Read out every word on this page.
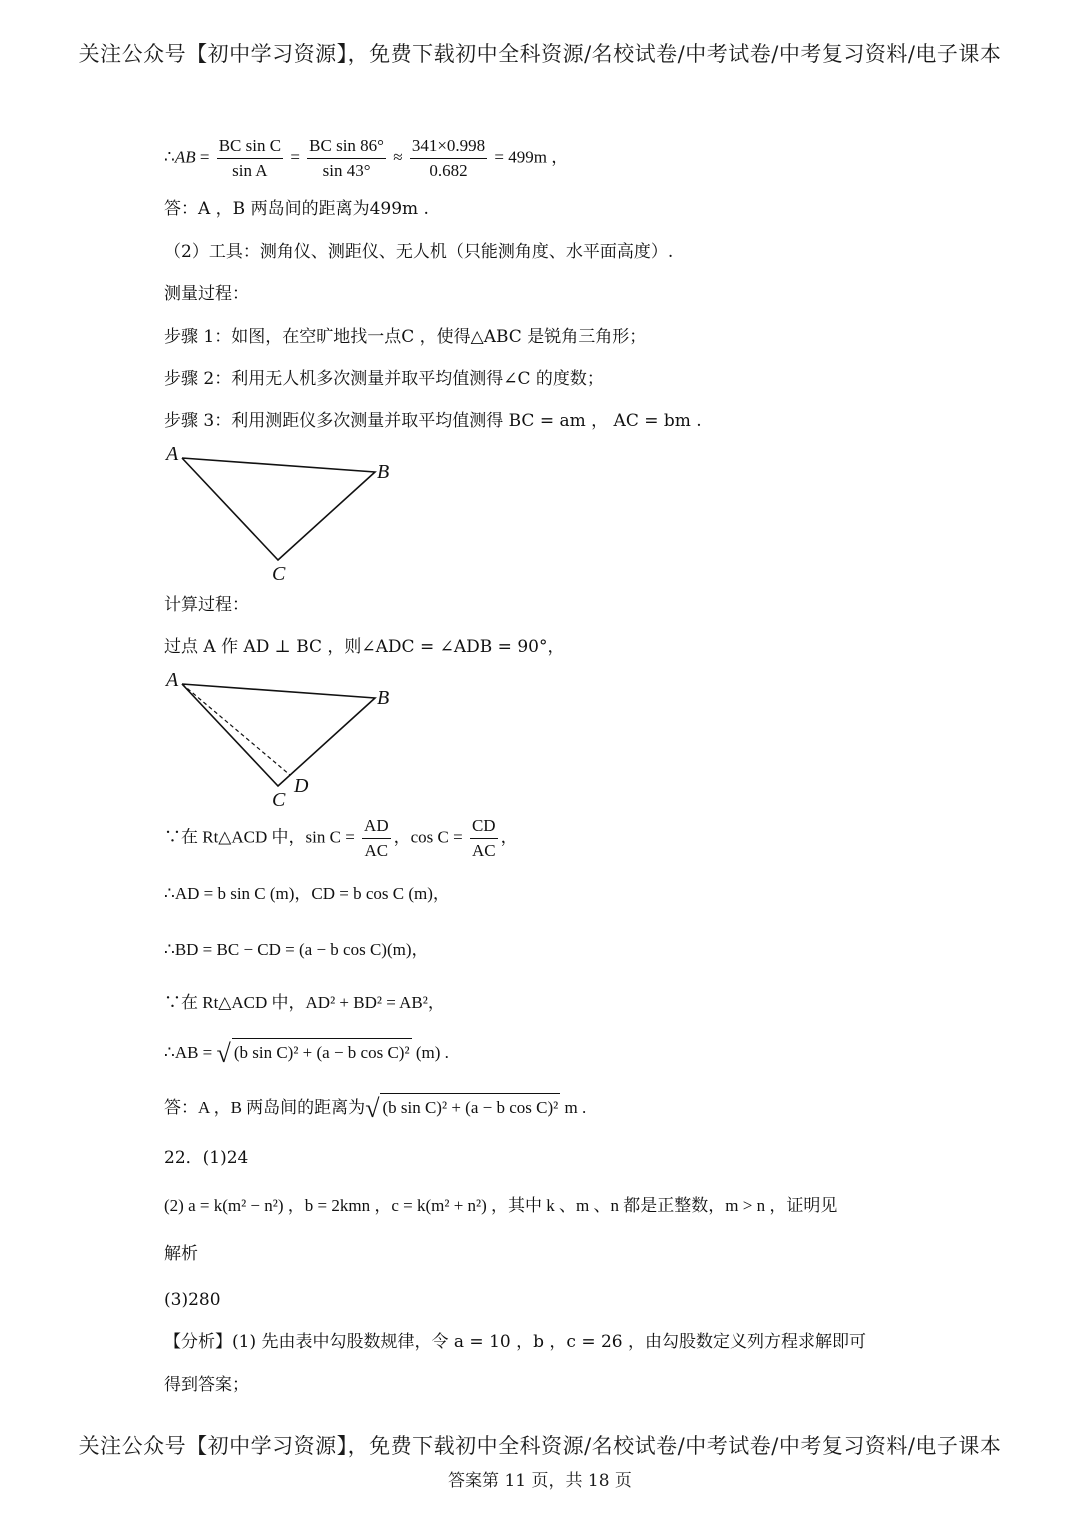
关注公众号【初中学习资源】，免费下载初中全科资源/名校试卷/中考试卷/中考复习资料/电子课本
∴AB = $\frac{\text{BC sin C}}{\text{sin A}} = \frac{\text{BC sin 86°}}{\sin 43^\circ} \approx \frac{341\times 0.998}{0.682} = 499m$ ，
答：A ，B 两岛间的距离为499m .
（2）工具：测角仪、测距仪、无人机（只能测角度、水平面高度）.
测量过程：
步骤 1：如图，在空旷地找一点C ，使得△ABC 是锐角三角形；
步骤 2：利用无人机多次测量并取平均值测得∠C 的度数；
步骤 3：利用测距仪多次测量并取平均值测得 BC = am ， AC = bm .
A
B
C
计算过程：
过点 A 作 AD ⊥ BC ，则∠ADC = ∠ADB = 90°，
A
B
C
D
∵在 Rt△ACD 中，$\sin C = \frac{AD}{AC}$ ，$\cos C = \frac{CD}{AC}$ ，
∴AD = b sin C (m)，CD = b cos C (m)，
∴BD = BC − CD = (a − b cos C)(m)，
∵在 Rt△ACD 中，AD² + BD² = AB²，
∴AB = √ (b sin C)² + (a − b cos C)² (m) .
答：A ，B 两岛间的距离为√ (b sin C)² + (a − b cos C)² m .
22．(1)24
(2) a = k(m² − n²) ，b = 2kmn ，c = k(m² + n²) ，其中 k 、m 、n 都是正整数，m > n ，证明见
解析
(3)280
【分析】(1) 先由表中勾股数规律，令 a = 10 ，b ，c = 26 ，由勾股数定义列方程求解即可
得到答案；
关注公众号【初中学习资源】，免费下载初中全科资源/名校试卷/中考试卷/中考复习资料/电子课本
答案第 11 页，共 18 页
